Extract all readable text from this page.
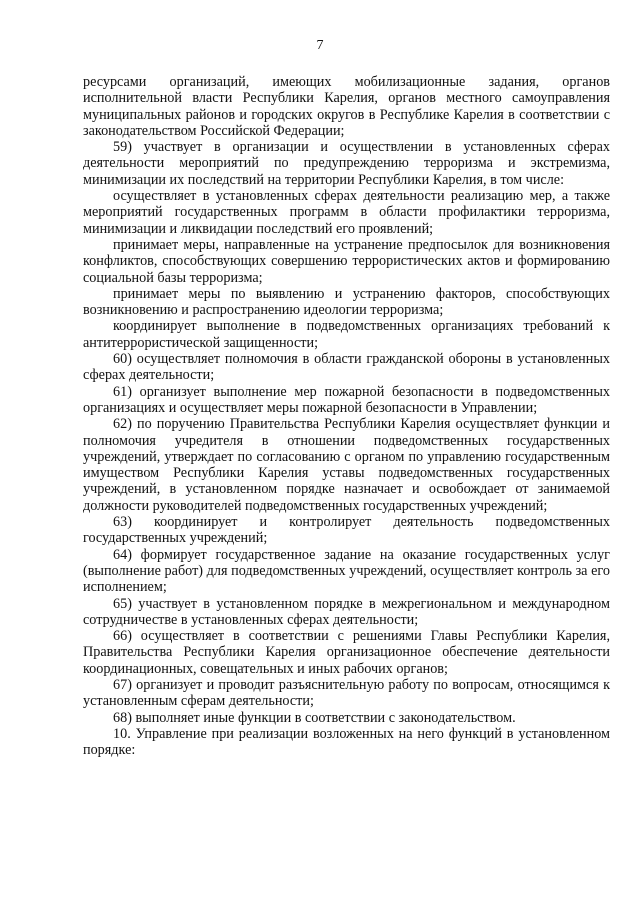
7

ресурсами организаций, имеющих мобилизационные задания, органов исполнительной власти Республики Карелия, органов местного самоуправления муниципальных районов и городских округов в Республике Карелия в соответствии с законодательством Российской Федерации;

59) участвует в организации и осуществлении в установленных сферах деятельности мероприятий по предупреждению терроризма и экстремизма, минимизации их последствий на территории Республики Карелия, в том числе:

осуществляет в установленных сферах деятельности реализацию мер, а также мероприятий государственных программ в области профилактики терроризма, минимизации и ликвидации последствий его проявлений;

принимает меры, направленные на устранение предпосылок для возникновения конфликтов, способствующих совершению террористических актов и формированию социальной базы терроризма;

принимает меры по выявлению и устранению факторов, способствующих возникновению и распространению идеологии терроризма;

координирует выполнение в подведомственных организациях требований к антитеррористической защищенности;

60) осуществляет полномочия в области гражданской обороны в установленных сферах деятельности;

61) организует выполнение мер пожарной безопасности в подведомственных организациях и осуществляет меры пожарной безопасности в Управлении;

62) по поручению Правительства Республики Карелия осуществляет функции и полномочия учредителя в отношении подведомственных государственных учреждений, утверждает по согласованию с органом по управлению государственным имуществом Республики Карелия уставы подведомственных государственных учреждений, в установленном порядке назначает и освобождает от занимаемой должности руководителей подведомственных государственных учреждений;

63) координирует и контролирует деятельность подведомственных государственных учреждений;

64) формирует государственное задание на оказание государственных услуг (выполнение работ) для подведомственных учреждений, осуществляет контроль за его исполнением;

65) участвует в установленном порядке в межрегиональном и международном сотрудничестве в установленных сферах деятельности;

66) осуществляет в соответствии с решениями Главы Республики Карелия, Правительства Республики Карелия организационное обеспечение деятельности координационных, совещательных и иных рабочих органов;

67) организует и проводит разъяснительную работу по вопросам, относящимся к установленным сферам деятельности;

68) выполняет иные функции в соответствии с законодательством.

10. Управление при реализации возложенных на него функций в установленном порядке:
